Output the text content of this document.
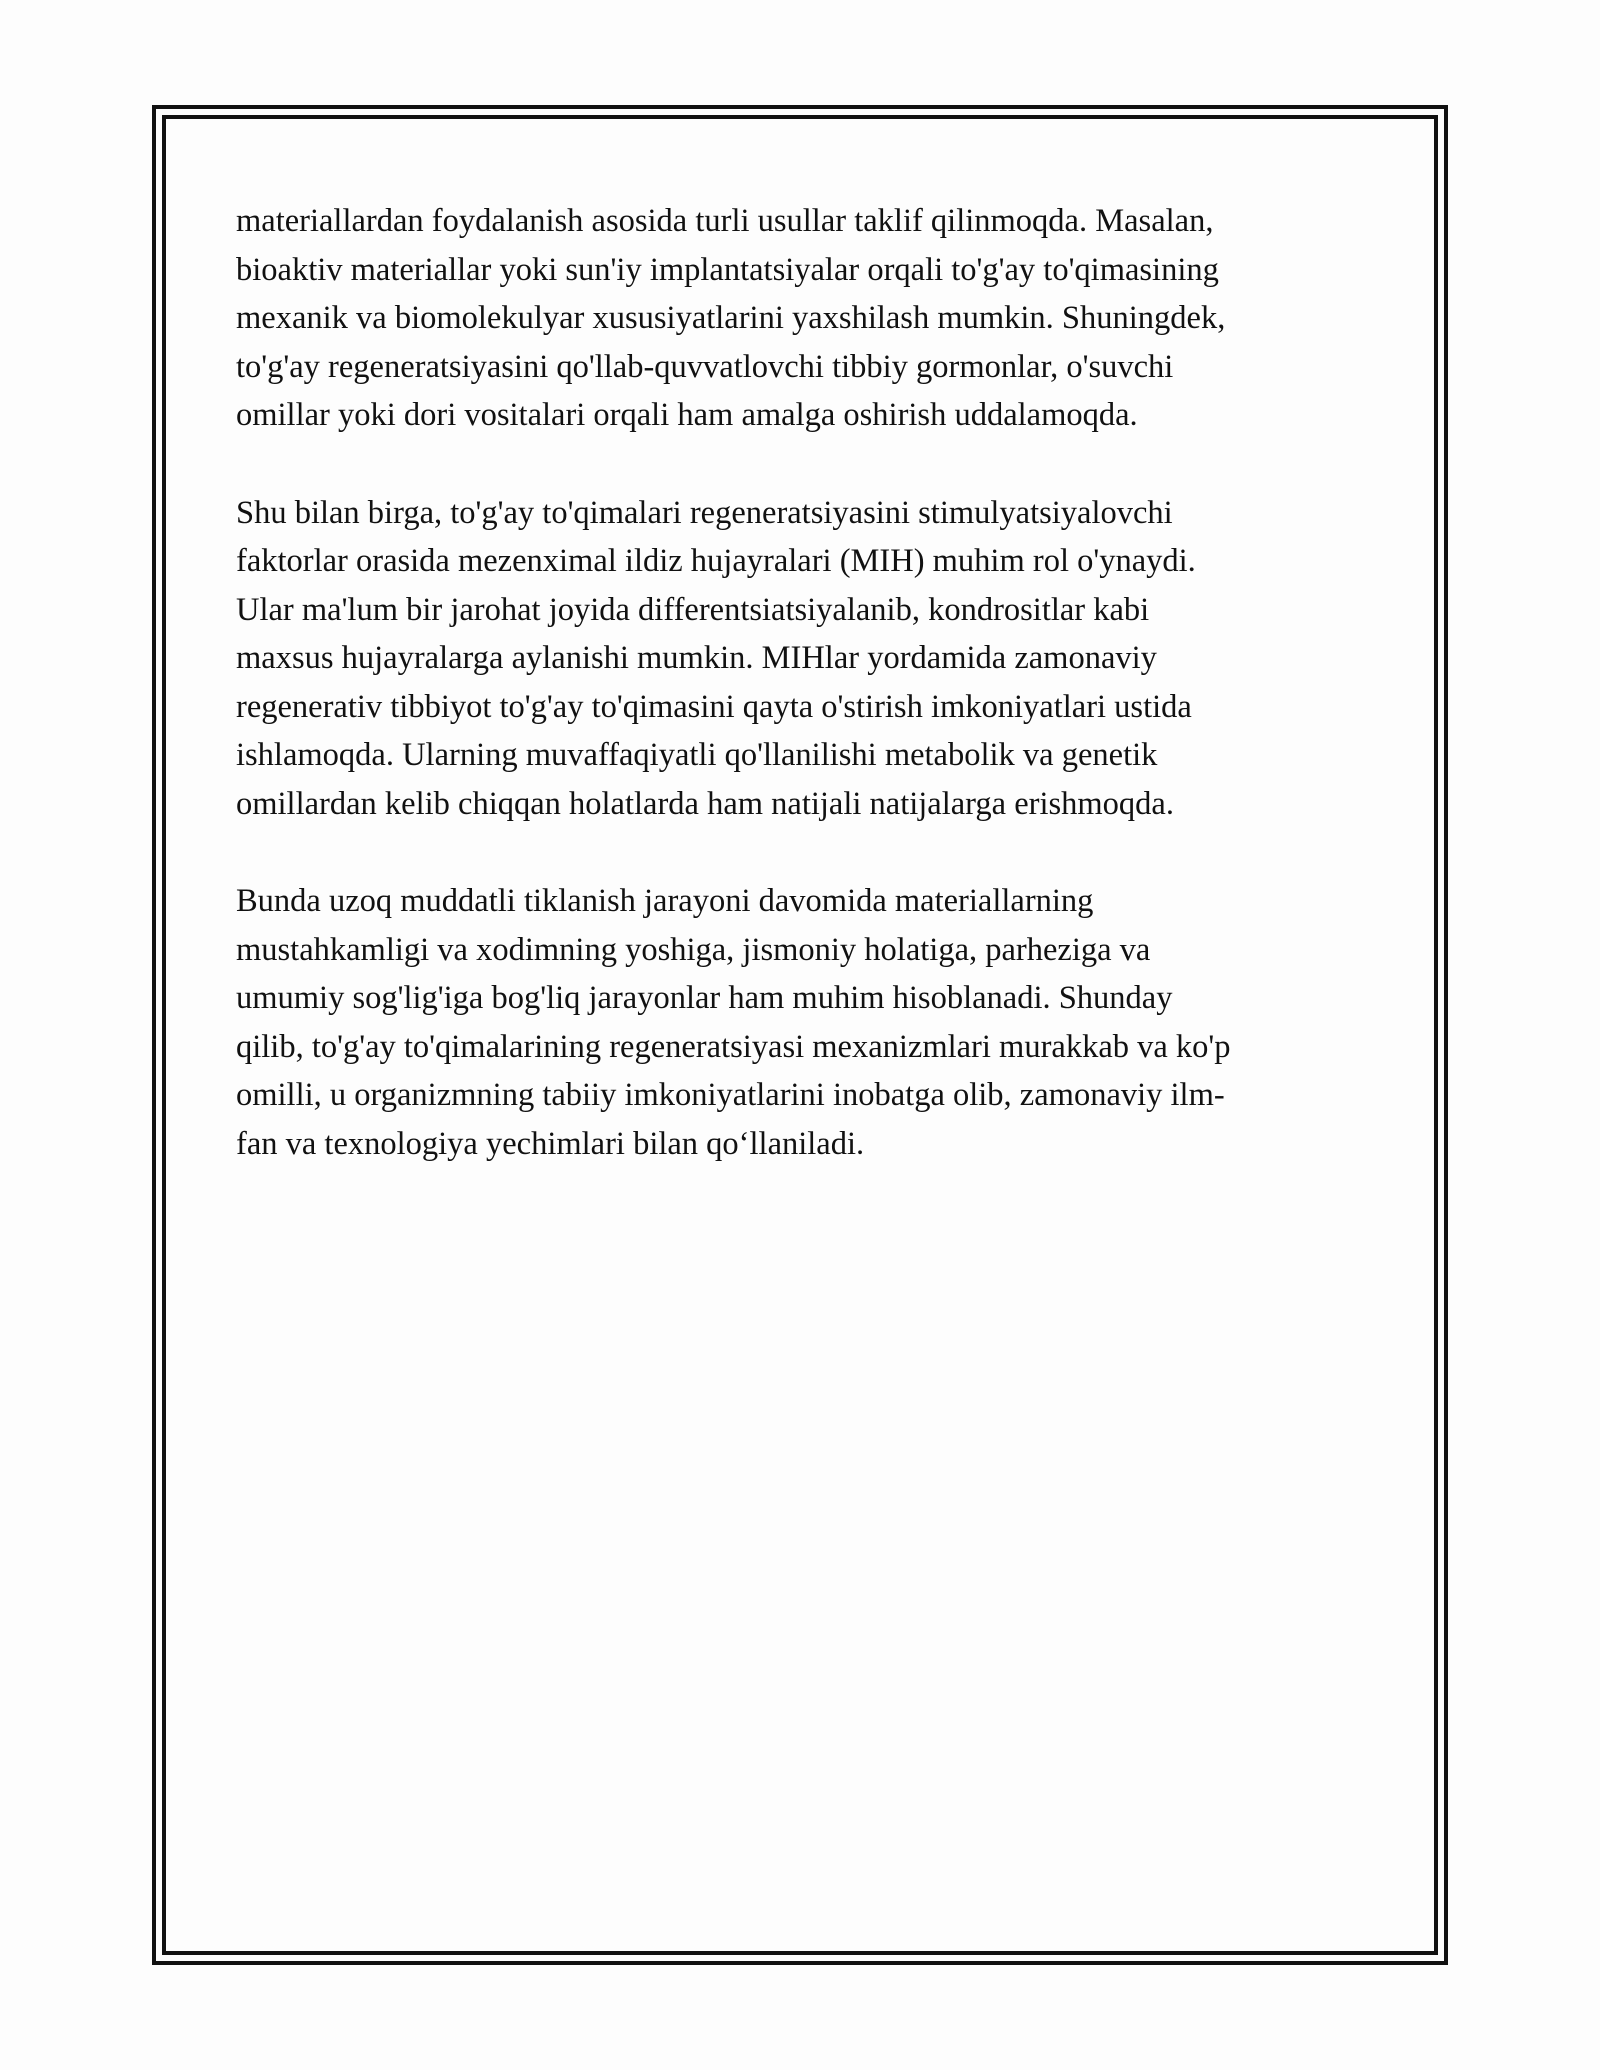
materiallardan foydalanish asosida turli usullar taklif qilinmoqda. Masalan,
bioaktiv materiallar yoki sun'iy implantatsiyalar orqali to'g'ay to'qimasining
mexanik va biomolekulyar xususiyatlarini yaxshilash mumkin. Shuningdek,
to'g'ay regeneratsiyasini qo'llab-quvvatlovchi tibbiy gormonlar, o'suvchi
omillar yoki dori vositalari orqali ham amalga oshirish uddalamoqda.

Shu bilan birga, to'g'ay to'qimalari regeneratsiyasini stimulyatsiyalovchi
faktorlar orasida mezenximal ildiz hujayralari (MIH) muhim rol o'ynaydi.
Ular ma'lum bir jarohat joyida differentsiatsiyalanib, kondrositlar kabi
maxsus hujayralarga aylanishi mumkin. MIHlar yordamida zamonaviy
regenerativ tibbiyot to'g'ay to'qimasini qayta o'stirish imkoniyatlari ustida
ishlamoqda. Ularning muvaffaqiyatli qo'llanilishi metabolik va genetik
omillardan kelib chiqqan holatlarda ham natijali natijalarga erishmoqda.

Bunda uzoq muddatli tiklanish jarayoni davomida materiallarning
mustahkamligi va xodimning yoshiga, jismoniy holatiga, parheziga va
umumiy sog'lig'iga bog'liq jarayonlar ham muhim hisoblanadi. Shunday
qilib, to'g'ay to'qimalarining regeneratsiyasi mexanizmlari murakkab va ko'p
omilli, u organizmning tabiiy imkoniyatlarini inobatga olib, zamonaviy ilm-
fan va texnologiya yechimlari bilan qo‘llaniladi.
